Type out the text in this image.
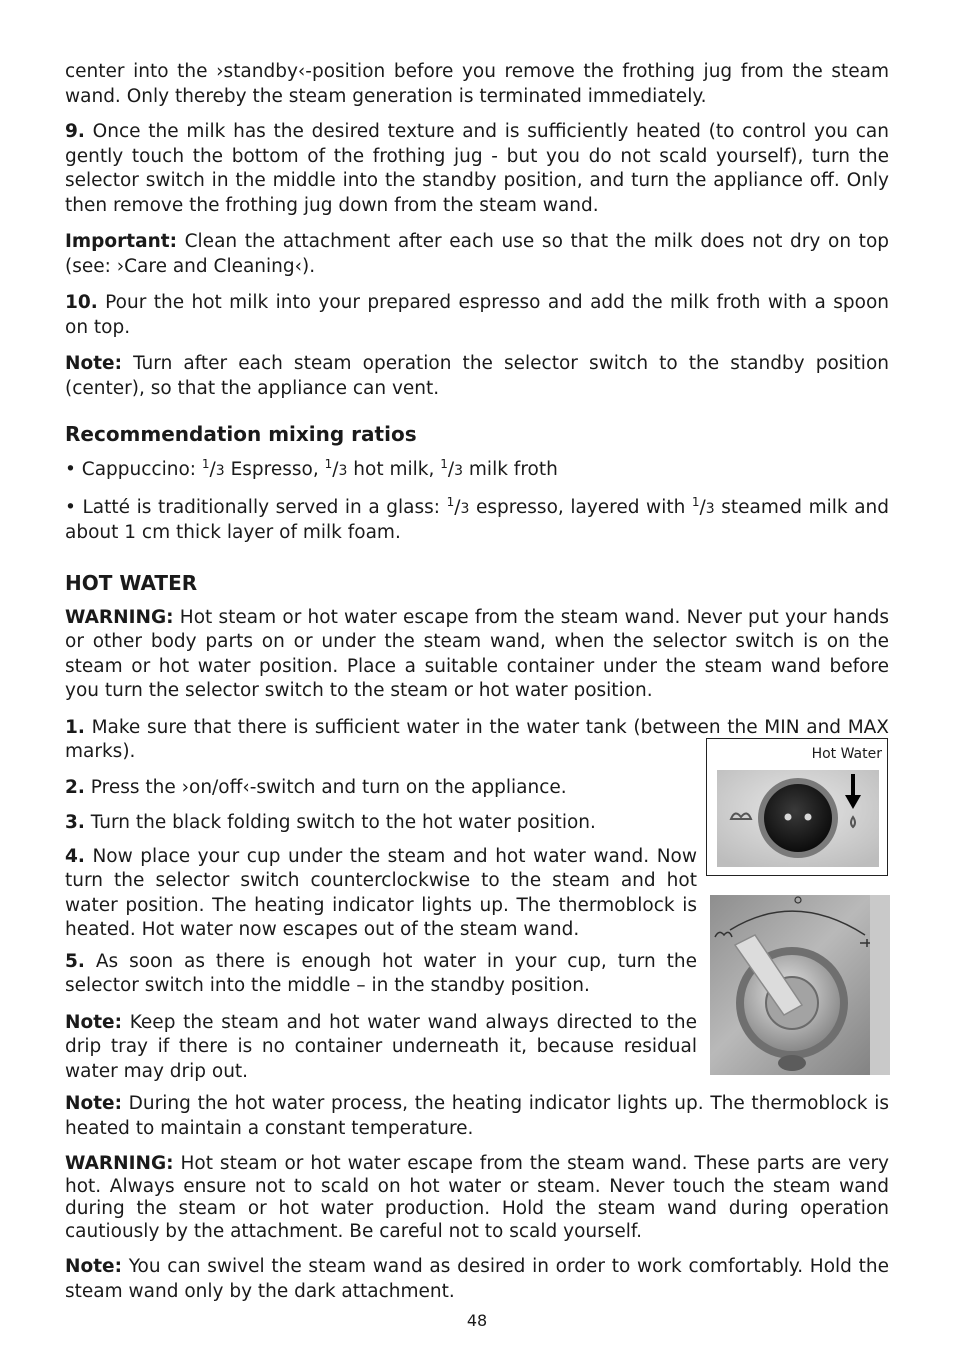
center into the ›standby‹-position before you remove the frothing jug from the steam wand. Only thereby the steam generation is terminated immediately.

9. Once the milk has the desired texture and is sufficiently heated (to control you can gently touch the bottom of the frothing jug - but you do not scald yourself), turn the selector switch in the middle into the standby position, and turn the appliance off. Only then remove the frothing jug down from the steam wand.

Important: Clean the attachment after each use so that the milk does not dry on top (see: ›Care and Cleaning‹).

10. Pour the hot milk into your prepared espresso and add the milk froth with a spoon on top.

Note: Turn after each steam operation the selector switch to the standby position (center), so that the appliance can vent.

Recommendation mixing ratios

• Cappuccino: $^1$/3 Espresso, $^1$/3 hot milk, $^1$/3 milk froth

• Latté is traditionally served in a glass: $^1$/3 espresso, layered with $^1$/3 steamed milk and about 1 cm thick layer of milk foam.

HOT WATER

WARNING: Hot steam or hot water escape from the steam wand. Never put your hands or other body parts on or under the steam wand, when the selector switch is on the steam or hot water position. Place a suitable container under the steam wand before you turn the selector switch to the steam or hot water position.

1. Make sure that there is sufficient water in the water tank (between the MIN and MAX marks).

2. Press the ›on/off‹-switch and turn on the appliance.

3. Turn the black folding switch to the hot water position.

4. Now place your cup under the steam and hot water wand. Now turn the selector switch counterclockwise to the steam and hot water position. The heating indicator lights up. The thermoblock is heated. Hot water now escapes out of the steam wand.

5. As soon as there is enough hot water in your cup, turn the selector switch into the middle – in the standby position.

Note: Keep the steam and hot water wand always directed to the drip tray if there is no container underneath it, because residual water may drip out.

Note: During the hot water process, the heating indicator lights up. The thermoblock is heated to maintain a constant temperature.

WARNING: Hot steam or hot water escape from the steam wand. These parts are very hot. Always ensure not to scald on hot water or steam. Never touch the steam wand during the steam or hot water production. Hold the steam wand during operation cautiously by the attachment. Be careful not to scald yourself.

Note: You can swivel the steam wand as desired in order to work comfortably. Hold the steam wand only by the dark attachment.

Hot Water
48
